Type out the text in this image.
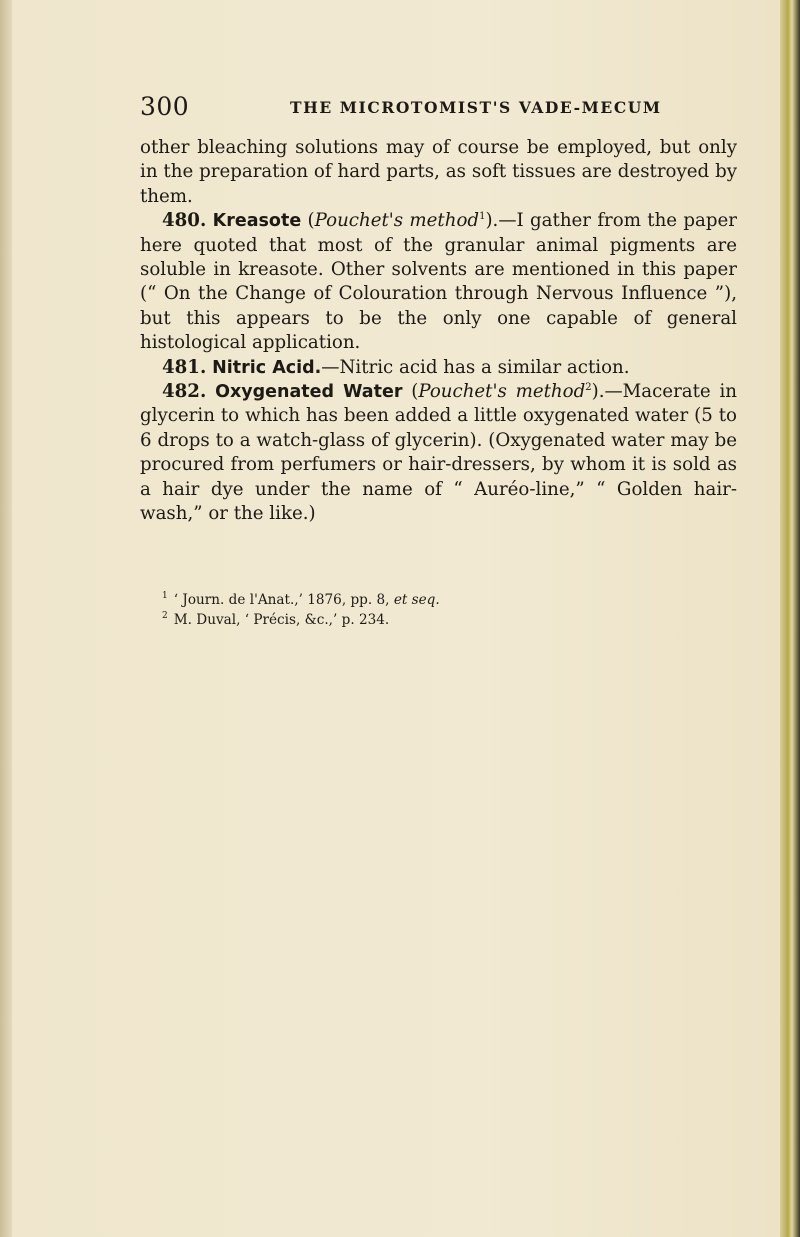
300	THE MICROTOMIST'S VADE-MECUM

other bleaching solutions may of course be employed, but only in the preparation of hard parts, as soft tissues are destroyed by them.

480. Kreasote (Pouchet's method$^1$).—I gather from the paper here quoted that most of the granular animal pigments are soluble in kreasote. Other solvents are mentioned in this paper (“ On the Change of Colouration through Nervous Influence ”), but this appears to be the only one capable of general histological application.

481. Nitric Acid.—Nitric acid has a similar action.

482. Oxygenated Water (Pouchet's method$^2$).—Macerate in glycerin to which has been added a little oxygenated water (5 to 6 drops to a watch-glass of glycerin). (Oxygenated water may be procured from perfumers or hair-dressers, by whom it is sold as a hair dye under the name of “ Auréo-line,” “ Golden hair-wash,” or the like.)

$^1$ ‘ Journ. de l'Anat.,’ 1876, pp. 8, et seq.

$^2$ M. Duval, ‘ Précis, &c.,’ p. 234.
